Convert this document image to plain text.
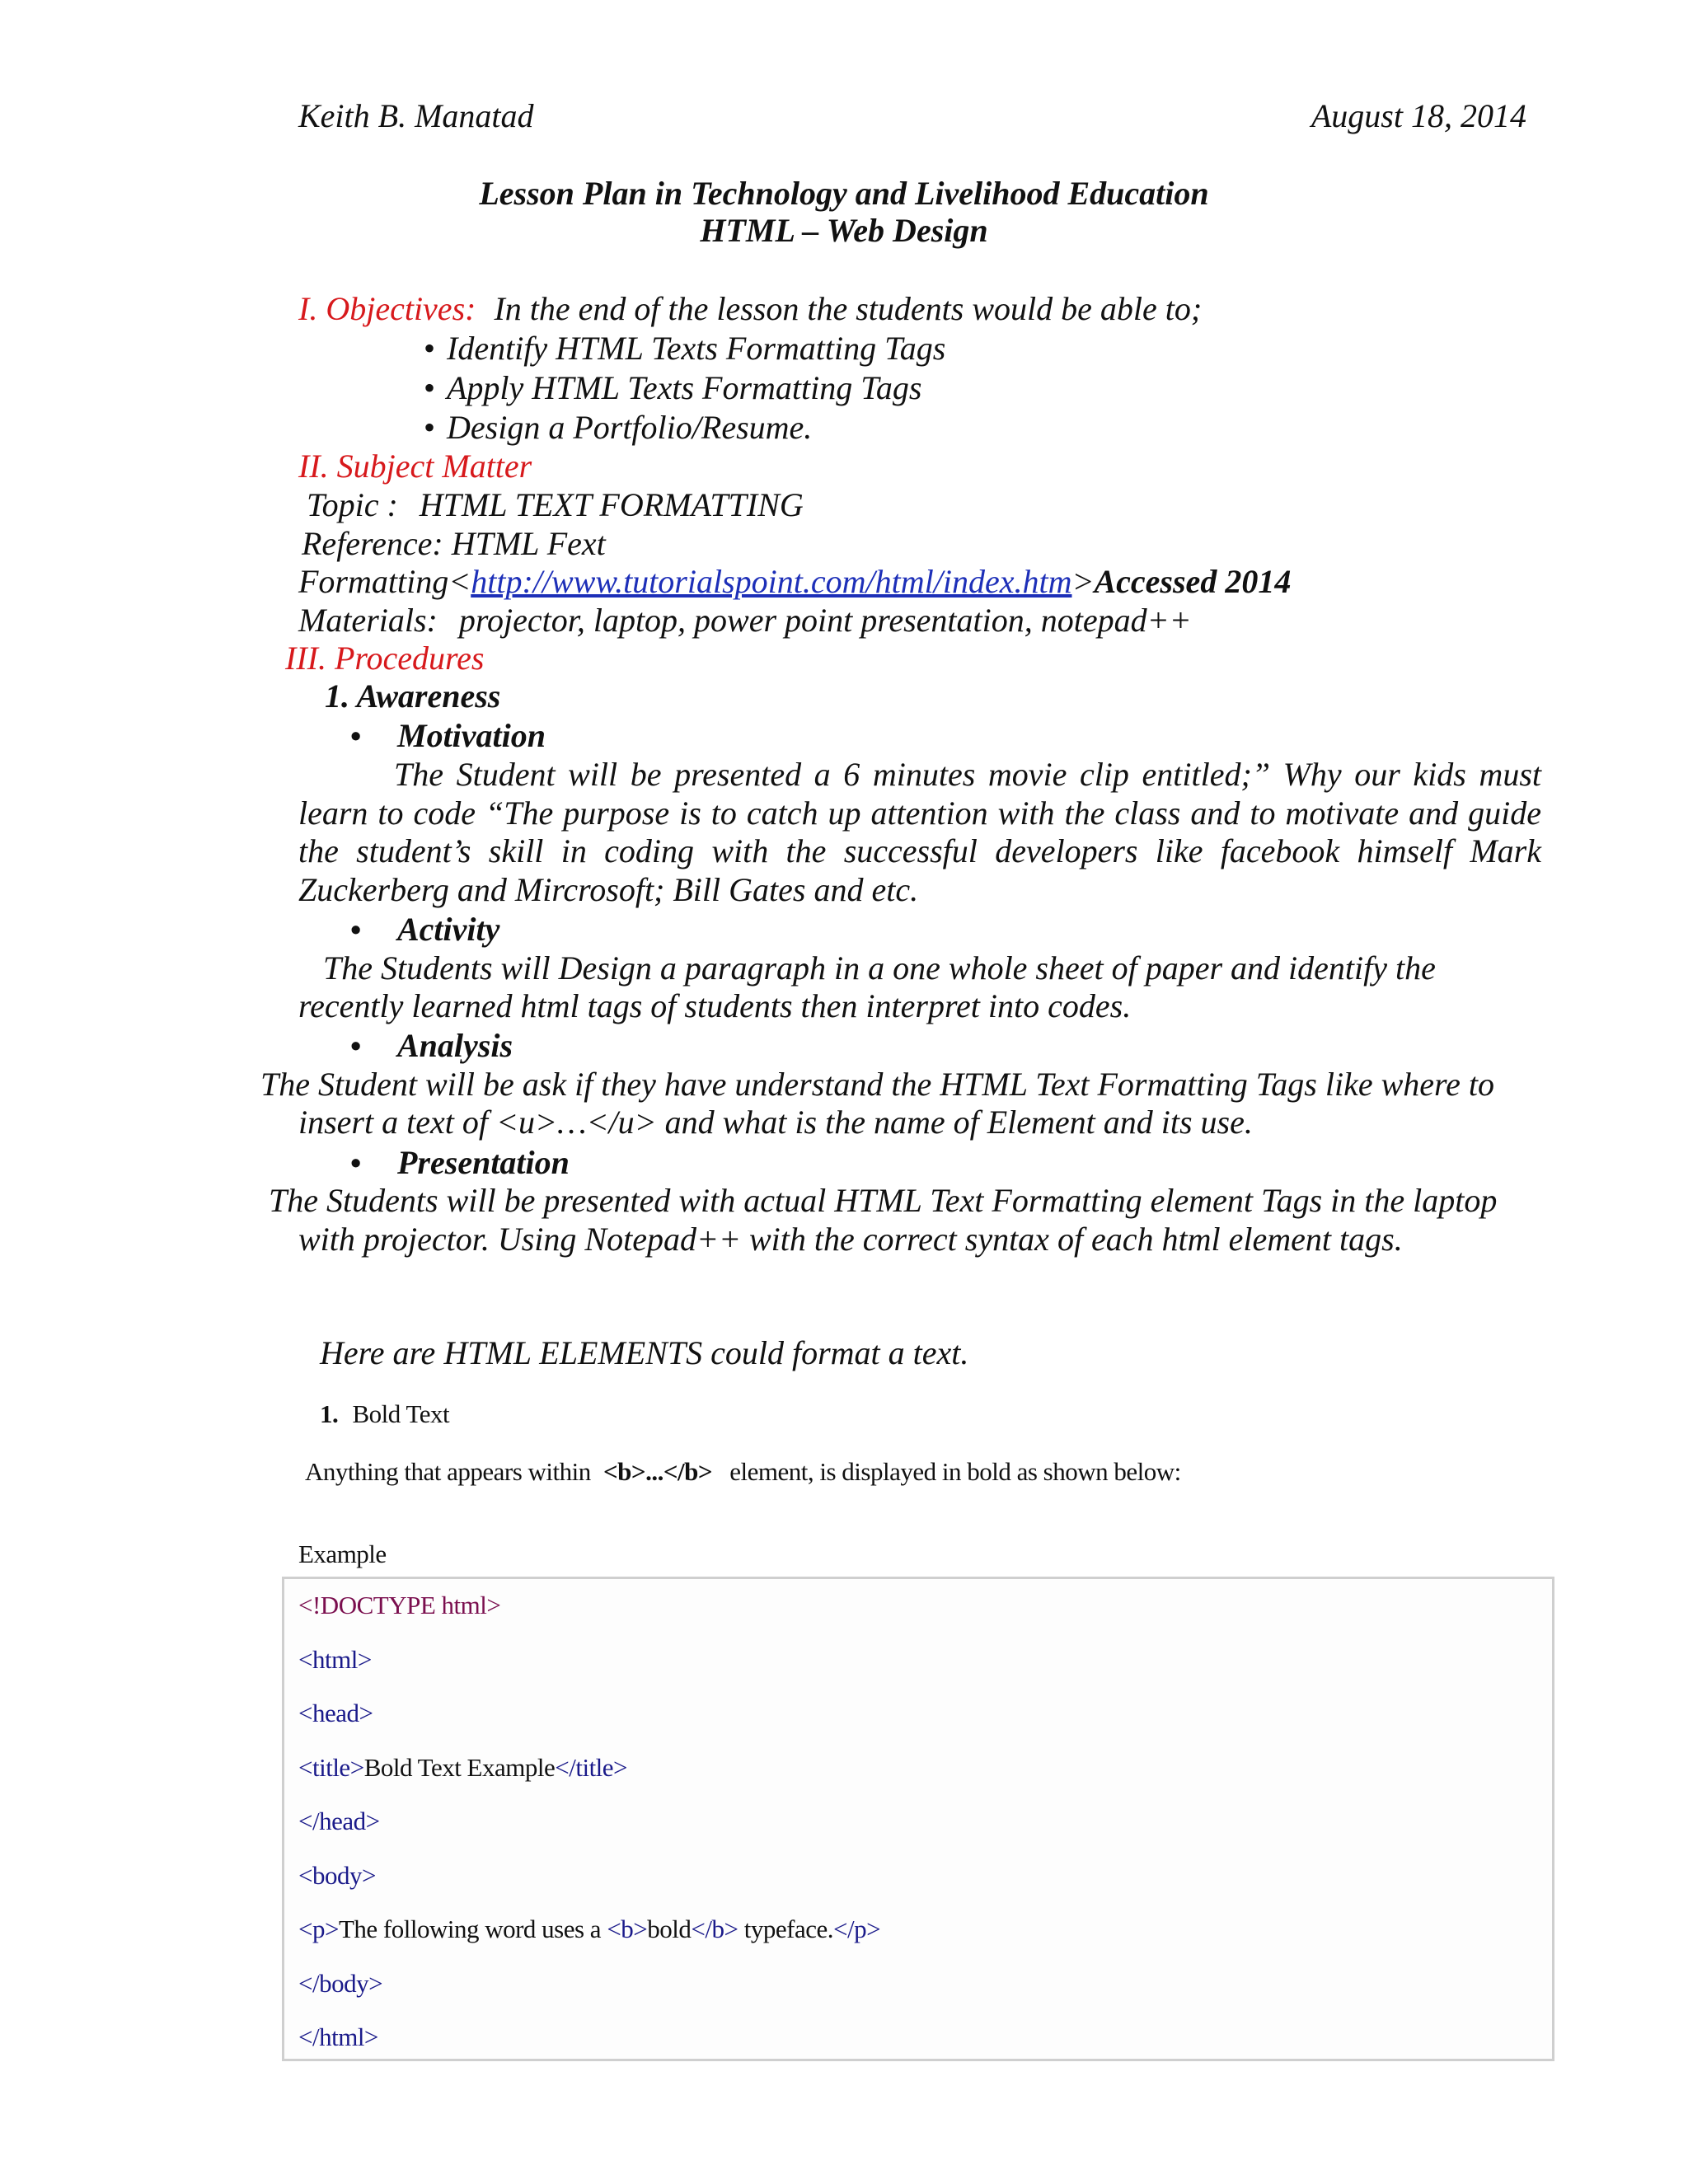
Keith B. Manatad	August 18, 2014
Lesson Plan in Technology and Livelihood Education
HTML – Web Design
I. Objectives: In the end of the lesson the students would be able to;
• Identify HTML Texts Formatting Tags
• Apply HTML Texts Formatting Tags
• Design a Portfolio/Resume.
II. Subject Matter
Topic : HTML TEXT FORMATTING
Reference: HTML Fext
Formatting<http://www.tutorialspoint.com/html/index.htm>Accessed 2014
Materials: projector, laptop, power point presentation, notepad++
III. Procedures
1. Awareness
• Motivation
The Student will be presented a 6 minutes movie clip entitled;” Why our kids must
learn to code “The purpose is to catch up attention with the class and to motivate and guide
the student’s skill in coding with the successful developers like facebook himself Mark
Zuckerberg and Mircrosoft; Bill Gates and etc.
• Activity
The Students will Design a paragraph in a one whole sheet of paper and identify the
recently learned html tags of students then interpret into codes.
• Analysis
The Student will be ask if they have understand the HTML Text Formatting Tags like where to
insert a text of <u>…</u> and what is the name of Element and its use.
• Presentation
The Students will be presented with actual HTML Text Formatting element Tags in the laptop
with projector. Using Notepad++ with the correct syntax of each html element tags.
Here are HTML ELEMENTS could format a text.
1. Bold Text
Anything that appears within <b>...</b> element, is displayed in bold as shown below:
Example
<!DOCTYPE html>
<html>
<head>
<title>Bold Text Example</title>
</head>
<body>
<p>The following word uses a <b>bold</b> typeface.</p>
</body>
</html>
